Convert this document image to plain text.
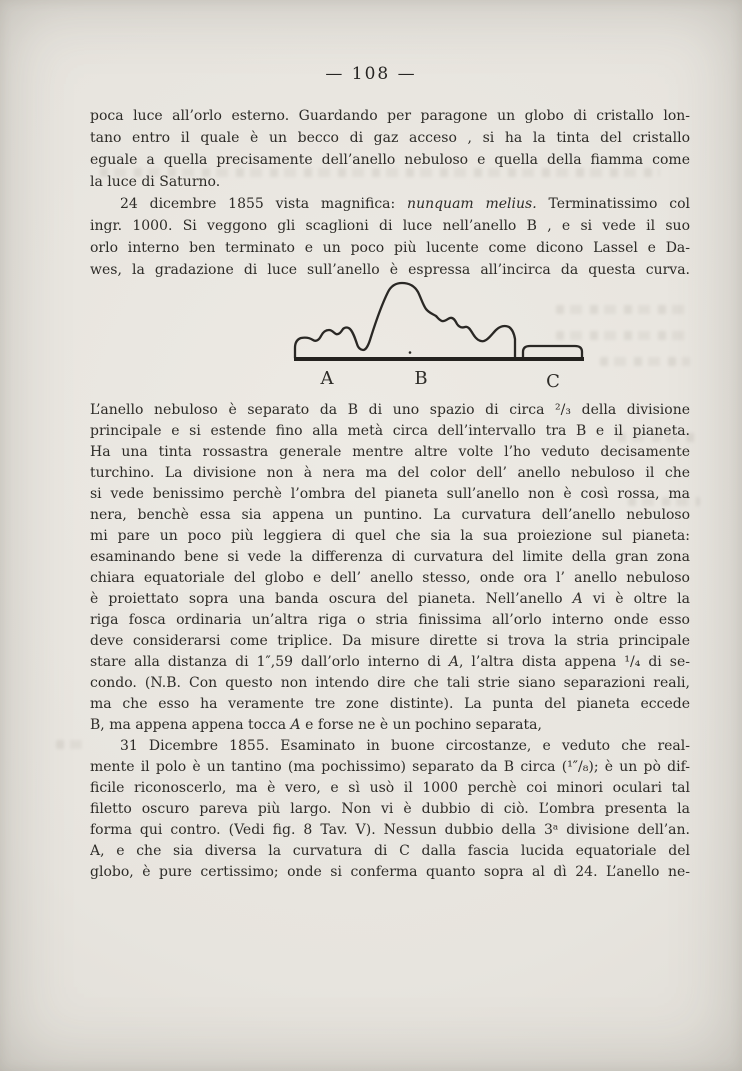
— 108 —
poca luce all’orlo esterno. Guardando per paragone un globo di cristallo lon-
tano entro il quale è un becco di gaz acceso , si ha la tinta del cristallo
eguale a quella precisamente dell’anello nebuloso e quella della fiamma come
la luce di Saturno.
24 dicembre 1855 vista magnifica: nunquam melius. Terminatissimo col
ingr. 1000. Si veggono gli scaglioni di luce nell’anello B , e si vede il suo
orlo interno ben terminato e un poco più lucente come dicono Lassel e Da-
wes, la gradazione di luce sull’anello è espressa all’incirca da questa curva.
A	B	C
L’anello nebuloso è separato da B di uno spazio di circa ²/₃ della divisione
principale e si estende fino alla metà circa dell’intervallo tra B e il pianeta.
Ha una tinta rossastra generale mentre altre volte l’ho veduto decisamente
turchino. La divisione non à nera ma del color dell’ anello nebuloso il che
si vede benissimo perchè l’ombra del pianeta sull’anello non è così rossa, ma
nera, benchè essa sia appena un puntino. La curvatura dell’anello nebuloso
mi pare un poco più leggiera di quel che sia la sua proiezione sul pianeta:
esaminando bene si vede la differenza di curvatura del limite della gran zona
chiara equatoriale del globo e dell’ anello stesso, onde ora l’ anello nebuloso
è proiettato sopra una banda oscura del pianeta. Nell’anello A vi è oltre la
riga fosca ordinaria un’altra riga o stria finissima all’orlo interno onde esso
deve considerarsi come triplice. Da misure dirette si trova la stria principale
stare alla distanza di 1″,59 dall’orlo interno di A, l’altra dista appena ¹/₄ di se-
condo. (N.B. Con questo non intendo dire che tali strie siano separazioni reali,
ma che esso ha veramente tre zone distinte). La punta del pianeta eccede
B, ma appena appena tocca A e forse ne è un pochino separata,
31 Dicembre 1855. Esaminato in buone circostanze, e veduto che real-
mente il polo è un tantino (ma pochissimo) separato da B circa (¹″/₈); è un pò dif-
ficile riconoscerlo, ma è vero, e sì usò il 1000 perchè coi minori oculari tal
filetto oscuro pareva più largo. Non vi è dubbio di ciò. L’ombra presenta la
forma qui contro. (Vedi fig. 8 Tav. V). Nessun dubbio della 3ᵃ divisione dell’an.
A, e che sia diversa la curvatura di C dalla fascia lucida equatoriale del
globo, è pure certissimo; onde si conferma quanto sopra al dì 24. L’anello ne-
